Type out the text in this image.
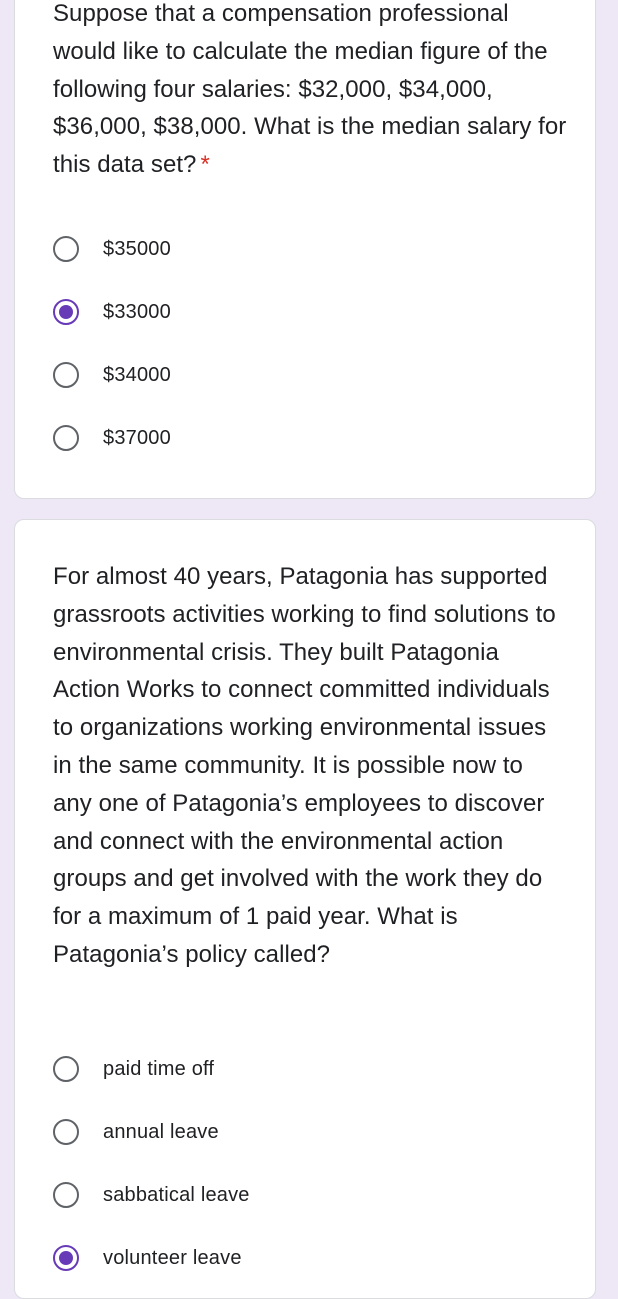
Suppose that a compensation professional would like to calculate the median figure of the following four salaries: $32,000, $34,000, $36,000, $38,000. What is the median salary for this data set? *

$35000
$33000
$34000
$37000

For almost 40 years, Patagonia has supported grassroots activities working to find solutions to environmental crisis. They built Patagonia Action Works to connect committed individuals to organizations working environmental issues in the same community. It is possible now to any one of Patagonia’s employees to discover and connect with the environmental action groups and get involved with the work they do for a maximum of 1 paid year. What is Patagonia’s policy called?

paid time off
annual leave
sabbatical leave
volunteer leave
